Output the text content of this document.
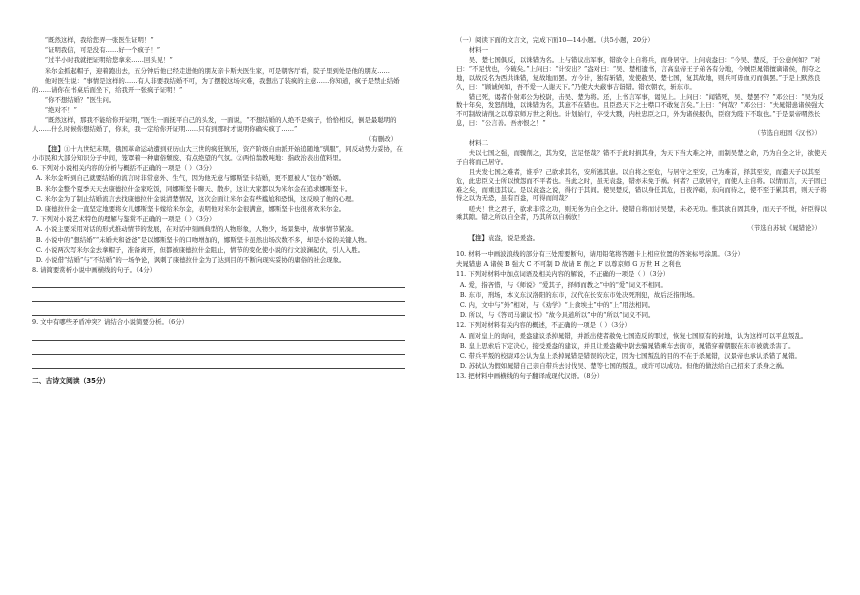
“既然这样，我给您弄一张医生证明！”

“证明我信，可是没有……好一个疯子！”

“过半小时我就把证明给您拿来……回头见！”

米尔金抓起帽子，迎着跑出去，五分钟后他已经走进他的朋友亲卡斯夫医生家，可是朝客厅看，院子里到处是他的朋友……

他对医生说：“事情是这样的……有人非要我结婚不可，为了摆脱这场灾难，我想出了装疯的主意……你知道，疯子是禁止结婚的……请你在书桌后面坐下，给我开一张疯子证明！”

“你不想结婚？”医生问。

“绝对不！”

“既然这样，那我不能给你开证明，”医生一面抚平自己的头发，一面说，“不想结婚的人绝不是疯子，恰恰相反，倒是最聪明的人……什么时候你想结婚了，你来，我一定给你开证明……只有到那时才说明你确实疯了……”

（有删改）

【注】①十九世纪末期，俄国革命运动遭到亚历山大三世的疯狂镇压，资产阶级自由派开始追随地“驯服”，同反动势力妥协，在小市民和大部分知识分子中间，笼罩着一种庸俗颓废、有点绝望的气氛。②两怕翁教吨地：指政治表出值料里。

6. 下列对小说相关内容的分析与概括不正确的一项是（ ）（3分）

A. 米尔金听到自己就要结婚的流言时非常意外、生气，因为他无意与娜斯坚卡结婚，更不愿被人“包办”婚姻。

B. 米尔金整个夏季天天去康德拉什金家吃饭，同娜斯坚卡聊天、散步，这让大家都以为米尔金在追求娜斯坚卡。

C. 米尔金为了制止结婚流言去找康德拉什金说清楚情况，这次会面让米尔金有些尴尬和恐惧，这反映了他的心理。

D. 康德拉什金一直坚定地要将女儿娜斯坚卡嫁给米尔金，表明他对米尔金很满意，娜斯坚卡也很喜欢米尔金。

7. 下列对小说艺术特色的理解与鉴赏不正确的一项是（ ）（3分）

A. 小说主要采用对话的形式推动情节的发展，在对话中刻画典型的人物形象，人物少，场景集中，故事情节紧凑。

B. 小说中的“想结婚”“未婚夫和爸爸”是以娜斯坚卡的口吻增加的，娜斯坚卡虽然出场次数不多，却是小说的关键人物。

C. 小说两次写米尔金去拿帽子，准备离开，但都被康德拉什金阻止，情节的变化使小说的行文波澜起伏，引人入胜。

D. 小说借“结婚”与“不结婚”的一场争论，讽刺了康德拉什金为了达到目的不断向现实妥协的庸俗的社会现象。

8. 请简要赏析小说中画横线的句子。（4分）

9. 文中有哪些矛盾冲突？请结合小说简要分析。（6分）

二、古诗文阅读（35分）

（一）阅读下面的文言文，完成下面10—14小题。（共5小题，20分）

材料一

吴、楚七国俱反，以诛错为名。上与错议出军事，错欲令上自将兵，而身居守。上问袁盎曰：“今吴、楚反，于公意何如？”对曰：“不足忧也，今破矣。”上问曰：“计安出？”盎对曰：“吴、楚相遗书，言高皇帝王子弟各有分地，今贼臣晁错擅谪诸侯，削夺之地，以故反名为西共诛错，复故地而罢。方今计，独有斩错，发使赦吴、楚七国，复其故地，则兵可毋血刃而俱罢。”于是上默然良久，曰：“顾诚何如，吾不爱一人谢天下。”乃使大夫蔽事吉诣错。错衣朝衣，斩东市。

错已死，谒者仆射邓公为校尉，击吴、楚为将。还，上书言军事，谒见上。上问曰：“闻错死，吴、楚罢不？”邓公曰：“吴为反数十年矣，发怒削地，以诛错为名，其意不在错也。且臣恐天下之士噤口不敢复言矣。”上曰：“何哉？”邓公曰：“夫晁错患诸侯强大不可制故请削之以尊京师万世之利也。计划始行，卒受大戮，内杜忠臣之口，外为诸侯报仇，臣窃为陛下不取也。”于是景帝喟然长息，曰：“公言善。吾亦恨之！”

（节选自班固《汉书》）

材料二

夫以七国之强，而骤削之，其为变，岂足怪哉？错不于此时捐其身，为天下当大难之冲，而制吴楚之命，乃为自全之计，欲使天子自将而己居守。

且夫发七国之难者，谁乎？己欲求其名，安所逃其患。以自将之至危，与居守之至安，己为难首，择其至安，而遣天子以其至危，此忠臣义士所以愤怨而不平者也。当此之时，虽无袁盎，错亦未免于祸。何者？己欲居守，而使人主自将。以情而言，天子固已难之矣，而重违其议。是以袁盎之说，得行于其间。使吴楚反，错以身任其危，日夜淬砺，东向而待之，使不至于累其君，则天子将恃之以为无恐，虽有百盎，可得而间哉？

嗟夫！世之君子，欲求非常之功，则无务为自全之计。使错自将而讨吴楚，未必无功。惟其欲自固其身，而天子不悦，奸臣得以乘其隙。错之所以自全者，乃其所以自祸欤！

（节选自苏轼《晁错论》）

【注】袁盎，说是爰盎。

10. 材料一中画波浪线的部分有三处需要断句，请用铅笔将答题卡上相应位置的答案标号涂黑。（3分）

夫晁错患 A 诸侯 B 强大 C 不可制 D 故请 E 削之 F 以尊京师 G 万世 H 之利也

11. 下列对材料中加点词语及相关内容的解说，不正确的一项是（ ）（3分）

A. 爱，指吝惜，与《师说》“爱其子，择师而教之”中的“爱”词义不相同。

B. 东市，刑场，本义东汉洛阳的东市，汉代在长安东市处决死刑犯，故后泛指刑场。

C. 内，文中与“外”相对，与《劝学》“上食埃土”中的“上”用法相同。

D. 所以，与《答司马谏议书》“故今具道所以”中的“所以”词义不同。

12. 下列对材料有关内容的概述，不正确的一项是（ ）（3分）

A. 面对皇上的询问，爰盎建议杀掉晁错，并派出使者赦免七国造反的罪过，恢复七国原有的封地，认为这样可以平息叛乱。

B. 皇上思索后下定决心，接受爰盎的建议，并且让爰盎戴中尉去骗晁错乘车去街市，晁错穿着朝服在东市被就杀害了。

C. 带兵平叛的校尉邓公认为皇上杀掉晁错是错误的决定，因为七国叛乱的目的不在于杀晁错，汉景帝也承认杀错了晁错。

D. 苏轼认为假如晁错自己亲自带兵去讨伐吴、楚等七国的叛乱，或许可以成功。但他的做法给自己招来了杀身之祸。

13. 把材料中画横线的句子翻译成现代汉语。（8分）
